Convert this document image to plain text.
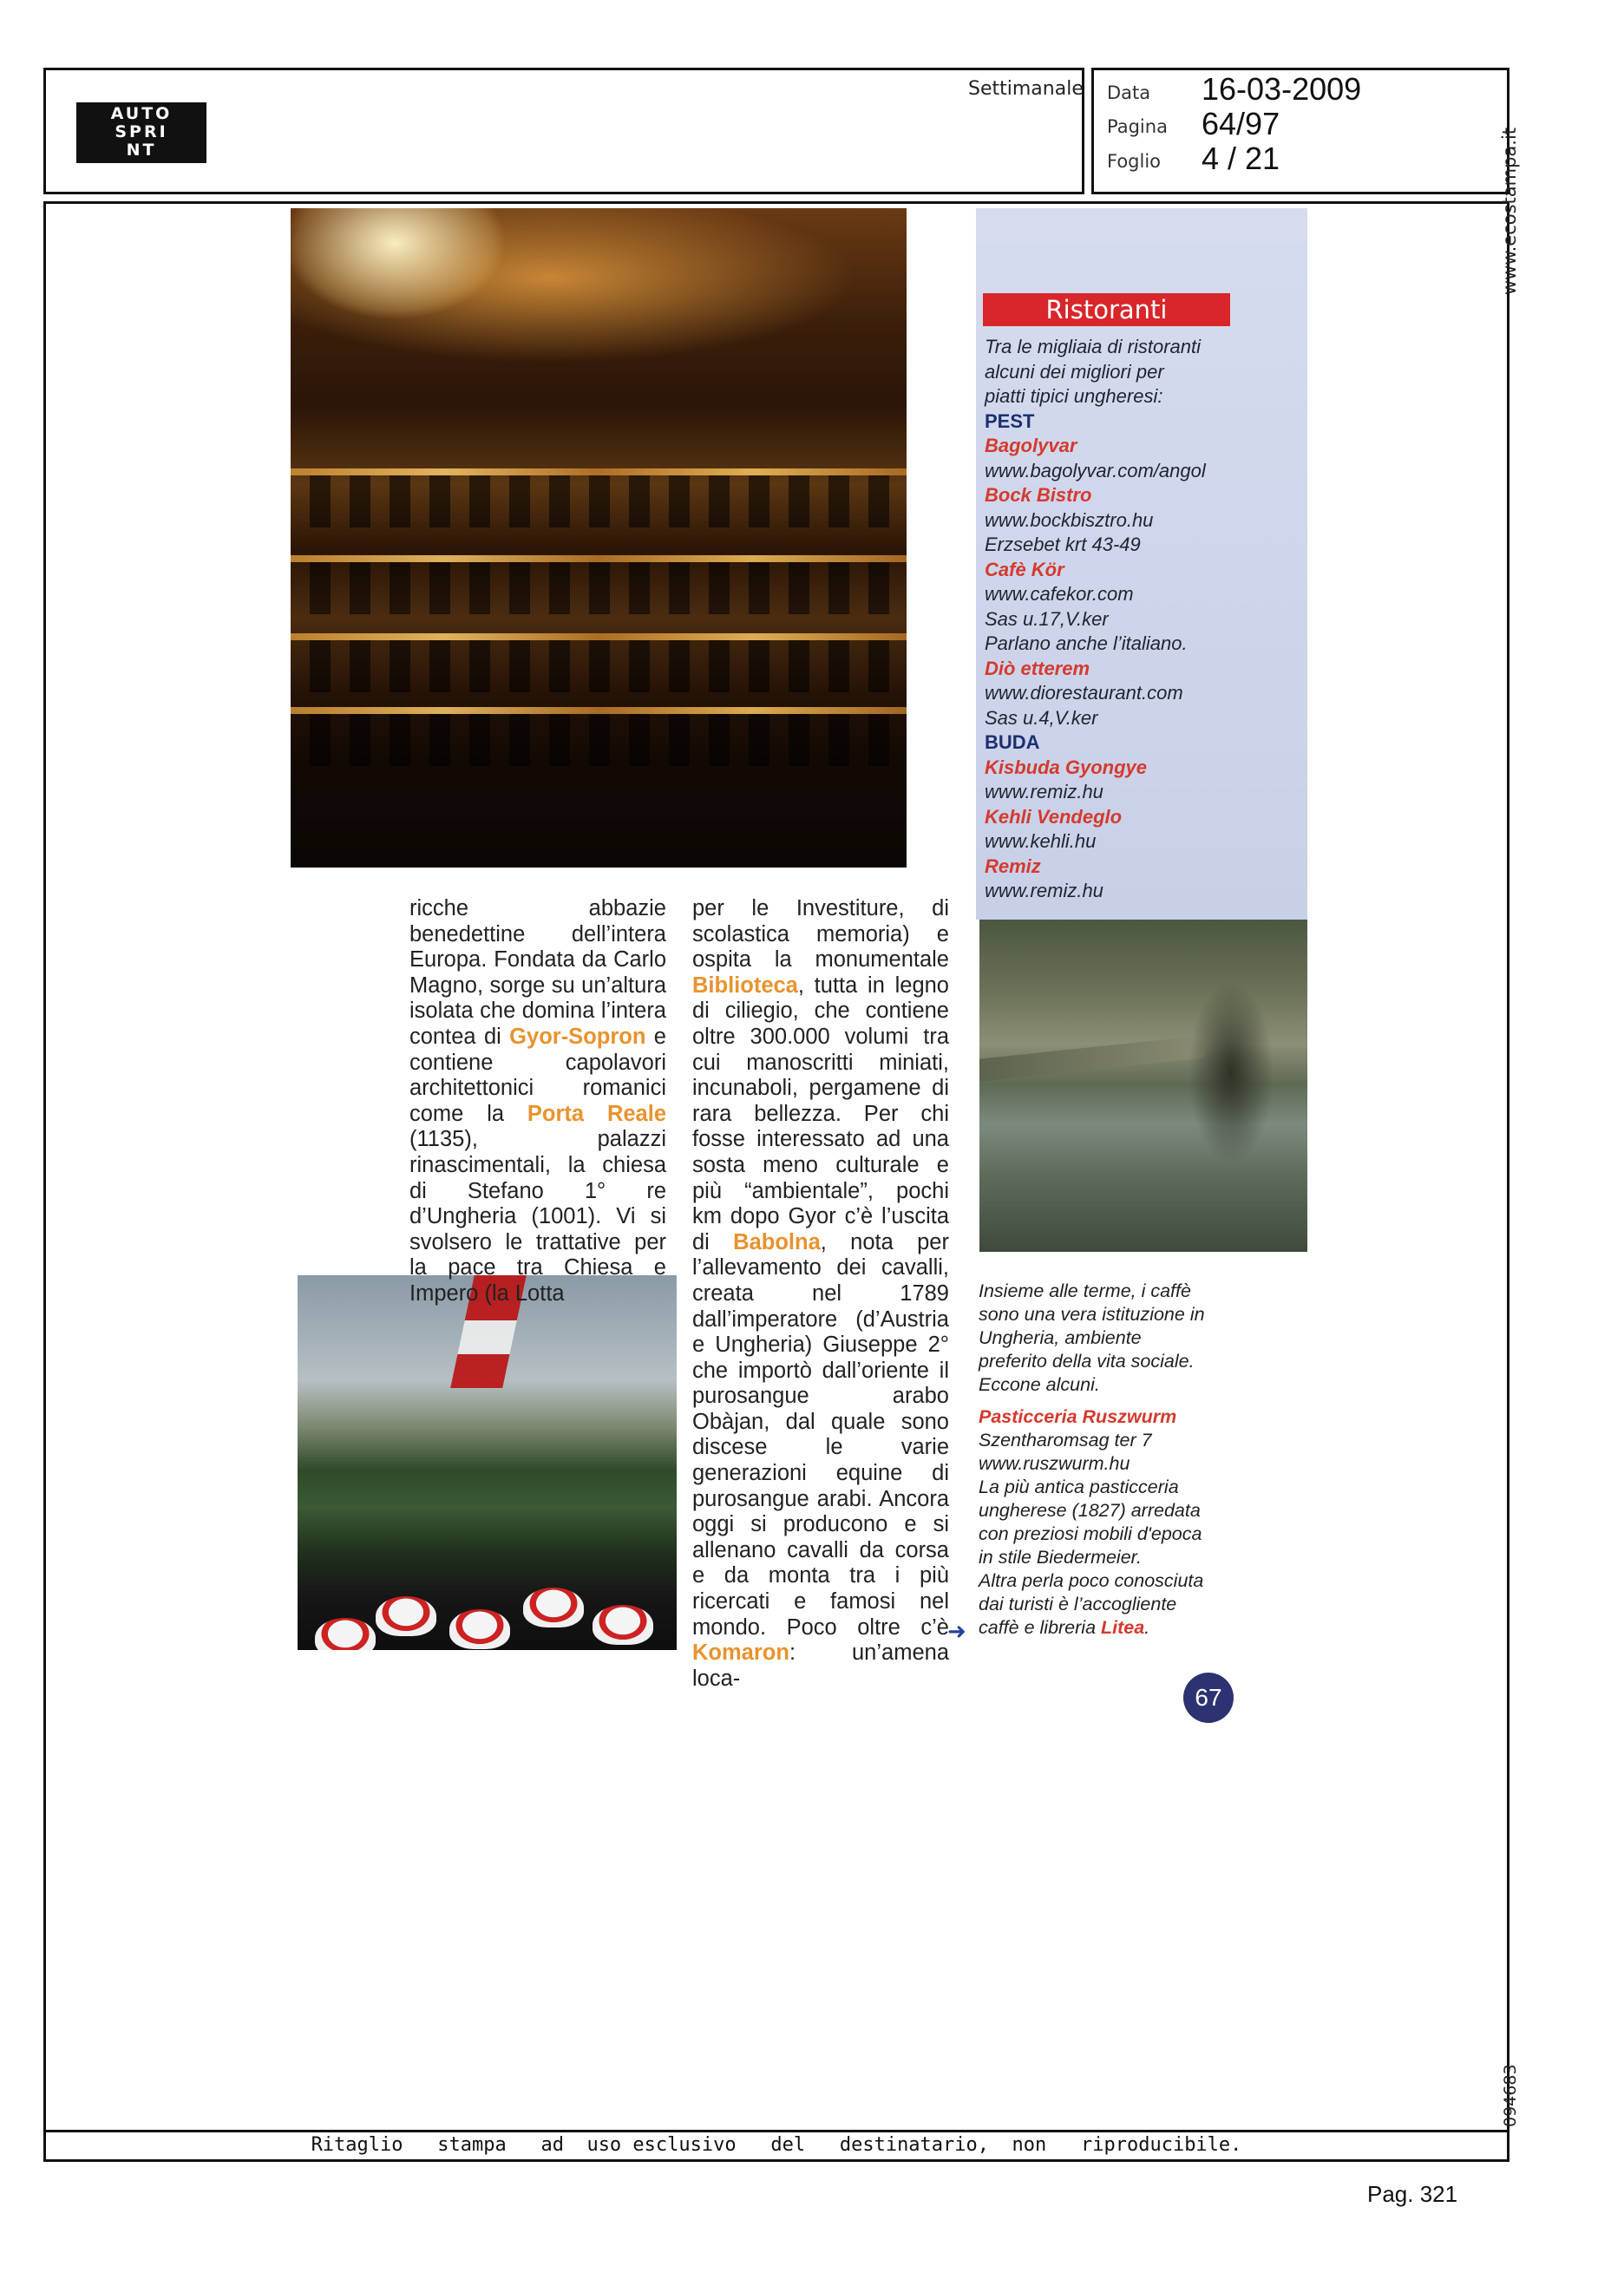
AUTO
SPRI
NT
Settimanale Data 16-03-2009
Pagina 64/97
Foglio 4 / 21
Ritaglio   stampa   ad  uso esclusivo   del   destinatario,  non   riproducibile.
www.ecostampa.it
094683
Pag. 321
Ristoranti
Tra le migliaia di ristoranti
alcuni dei migliori per
piatti tipici ungheresi:
PEST
Bagolyvar
www.bagolyvar.com/angol
Bock Bistro
www.bockbisztro.hu
Erzsebet krt 43-49
Cafè Kör
www.cafekor.com
Sas u.17,V.ker
Parlano anche l’italiano.
Diò etterem
www.diorestaurant.com
Sas u.4,V.ker
BUDA
Kisbuda Gyongye
www.remiz.hu
Kehli Vendeglo
www.kehli.hu
Remiz
www.remiz.hu

ricche abbazie benedettine dell’intera Europa. Fondata da Carlo Magno, sorge su un’altura isolata che domina l’intera contea di Gyor-Sopron e contiene capolavori architettonici romanici come la Porta Reale (1135), palazzi rinascimentali, la chiesa di Stefano 1° re d’Ungheria (1001). Vi si svolsero le trattative per la pace tra Chiesa e Impero (la Lotta

per le Investiture, di scolastica memoria) e ospita la monumentale Biblioteca, tutta in legno di ciliegio, che contiene oltre 300.000 volumi tra cui manoscritti miniati, incunaboli, pergamene di rara bellezza. Per chi fosse interessato ad una sosta meno culturale e più “ambientale”, pochi km dopo Gyor c’è l’uscita di Babolna, nota per l’allevamento dei cavalli, creata nel 1789 dall’imperatore (d’Austria e Ungheria) Giuseppe 2° che importò dall’oriente il purosangue arabo Obàjan, dal quale sono discese le varie generazioni equine di purosangue arabi. Ancora oggi si producono e si allenano cavalli da corsa e da monta tra i più ricercati e famosi nel mondo. Poco oltre c’è Komaron: un’amena loca-

➜
Insieme alle terme, i caffè
sono una vera istituzione in
Ungheria, ambiente
preferito della vita sociale.
Eccone alcuni.
Pasticceria Ruszwurm
Szentharomsag ter 7
www.ruszwurm.hu
La più antica pasticceria
ungherese (1827) arredata
con preziosi mobili d'epoca
in stile Biedermeier.
Altra perla poco conosciuta
dai turisti è l’accogliente
caffè e libreria Litea.
67
